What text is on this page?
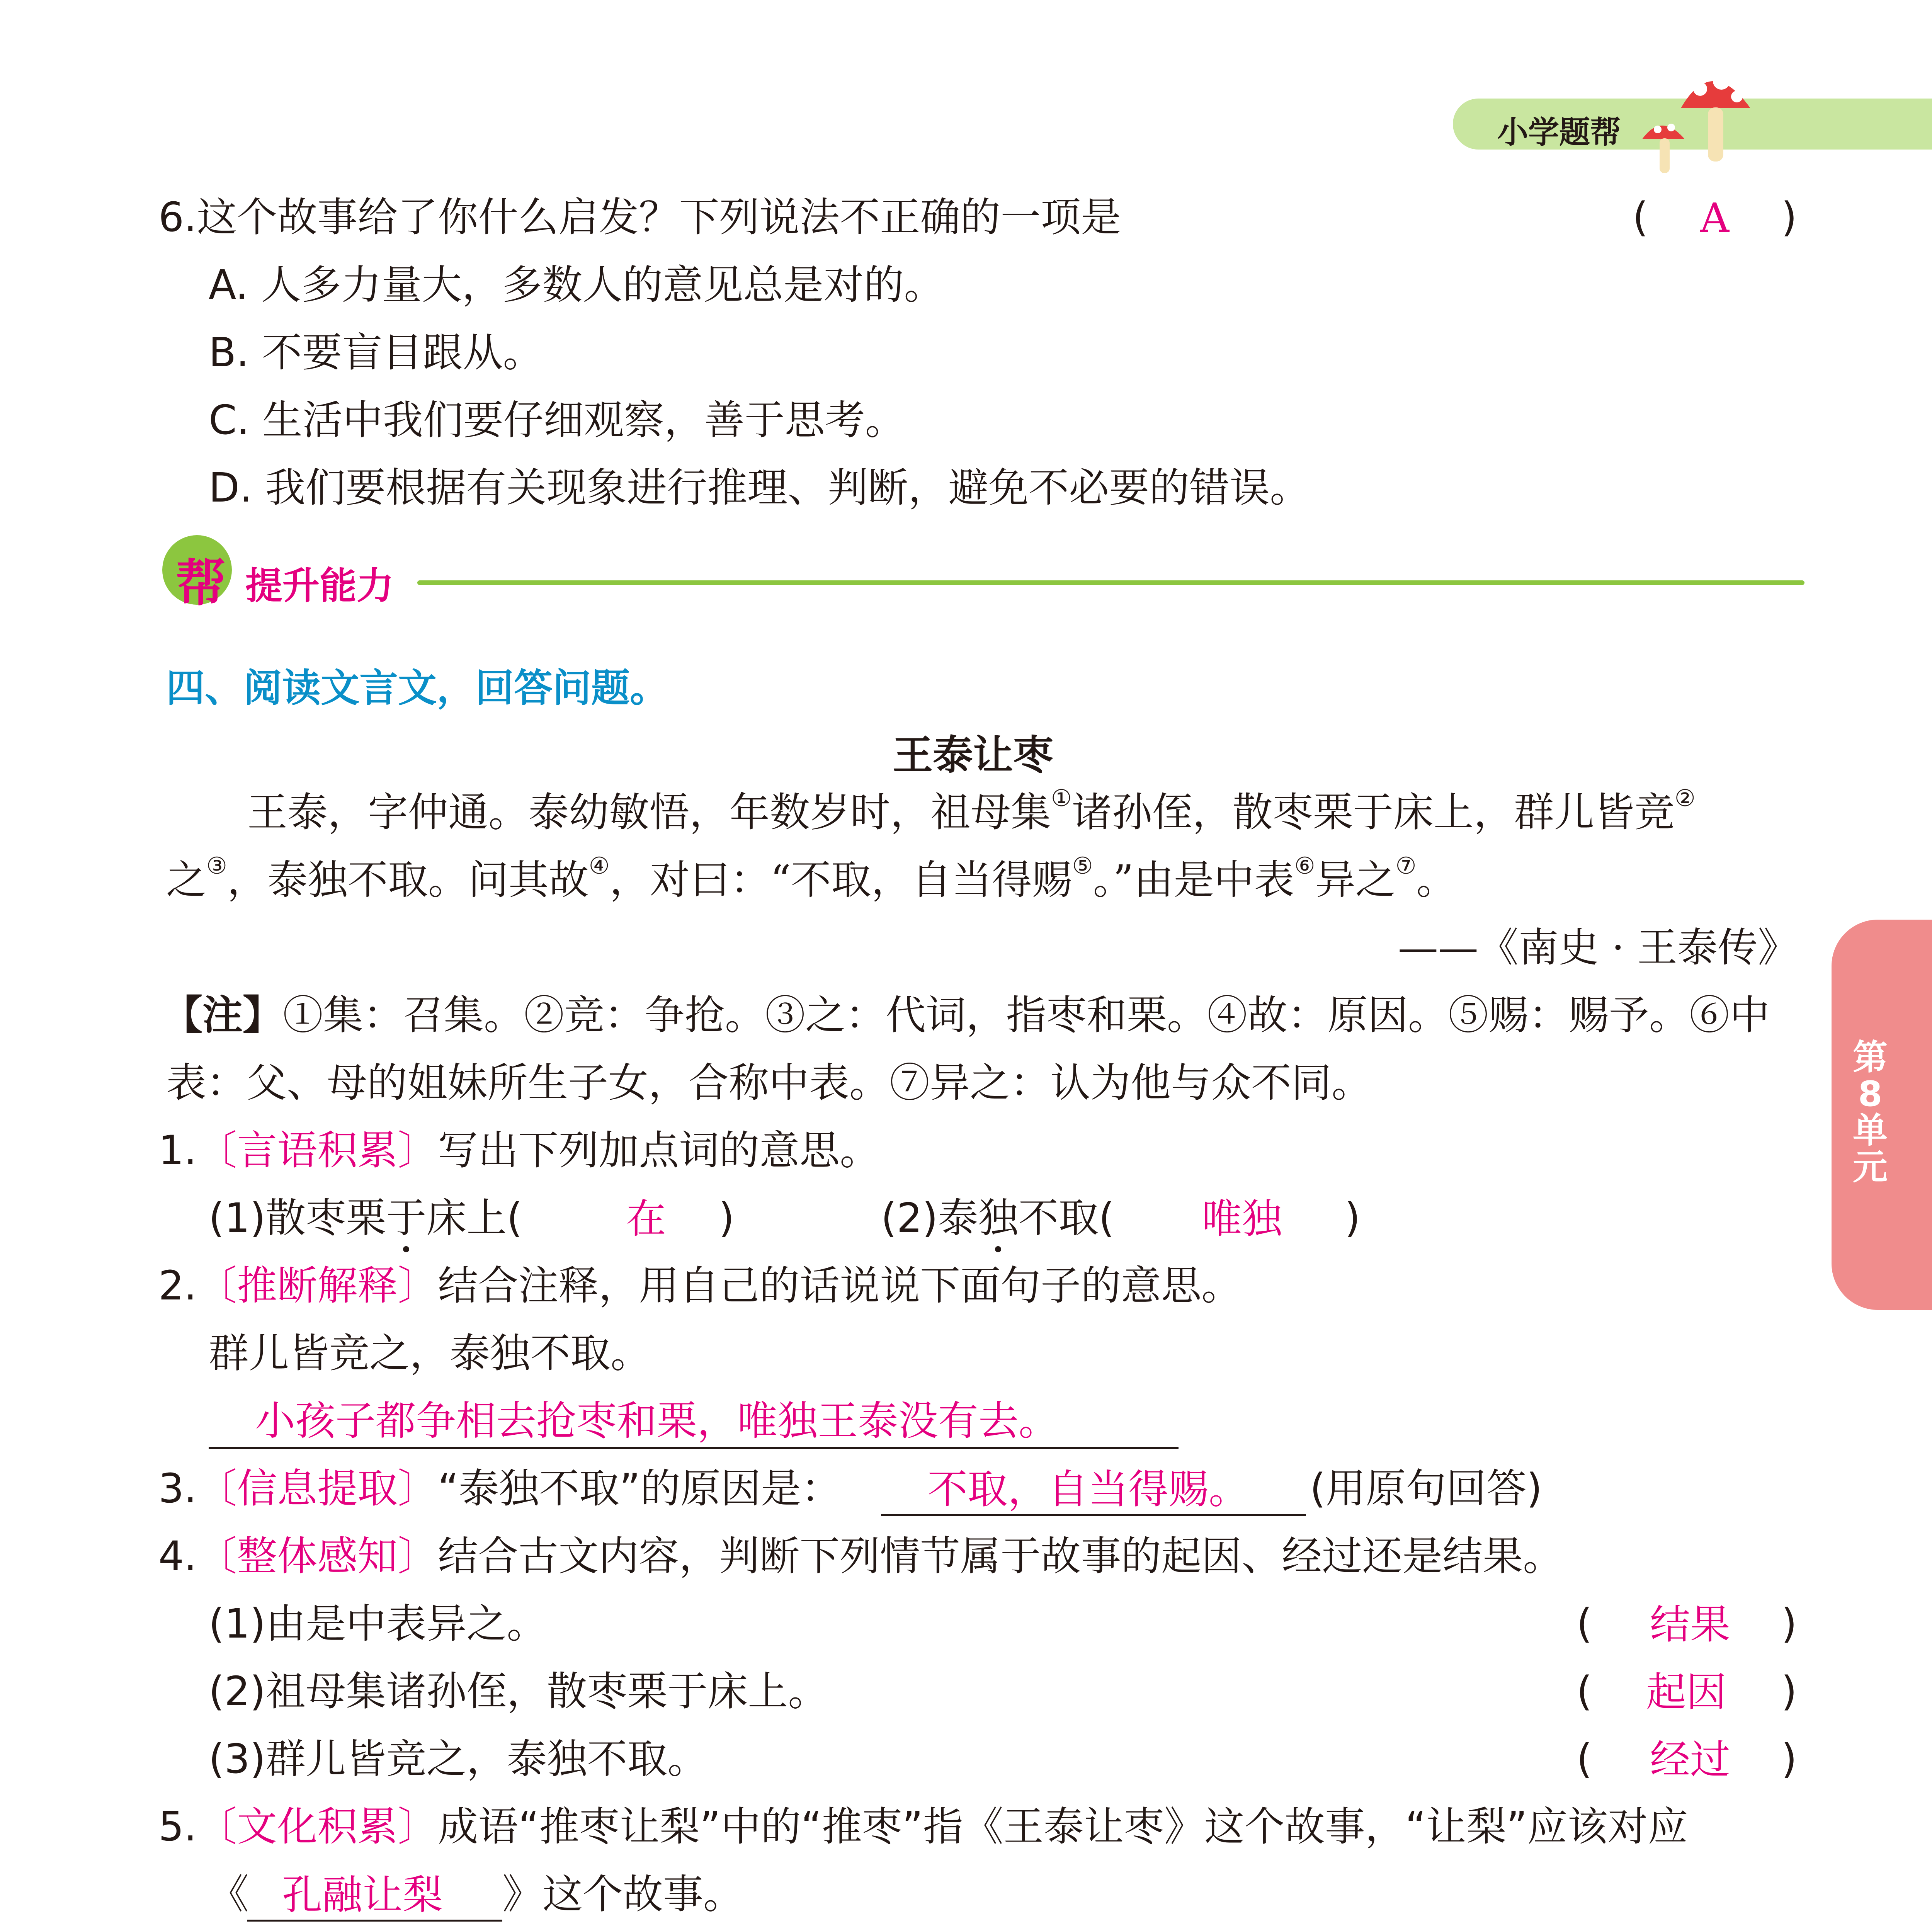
小学题帮
第8单元
6.这个故事给了你什么启发？下列说法不正确的一项是	( A )
A. 人多力量大，多数人的意见总是对的。
B. 不要盲目跟从。
C. 生活中我们要仔细观察，善于思考。
D. 我们要根据有关现象进行推理、判断，避免不必要的错误。
帮 提升能力
四、阅读文言文，回答问题。
王泰让枣
王泰，字仲通。泰幼敏悟，年数岁时，祖母集①诸孙侄，散枣栗于床上，群儿皆竞②
之③，泰独不取。问其故④，对曰：“不取，自当得赐⑤。”由是中表⑥异之⑦。
——《南史 · 王泰传》
【注】①集：召集。②竞：争抢。③之：代词，指枣和栗。④故：原因。⑤赐：赐予。⑥中
表：父、母的姐妹所生子女，合称中表。⑦异之：认为他与众不同。
1.〔言语积累〕写出下列加点词的意思。
(1)散枣栗于床上(	在 )	(2)泰独不取( 唯独 )
2.〔推断解释〕结合注释，用自己的话说说下面句子的意思。
群儿皆竞之，泰独不取。
小孩子都争相去抢枣和栗，唯独王泰没有去。
3.〔信息提取〕“泰独不取”的原因是： 不取，自当得赐。 (用原句回答)
4.〔整体感知〕结合古文内容，判断下列情节属于故事的起因、经过还是结果。
(1)由是中表异之。	( 结果 )
(2)祖母集诸孙侄，散枣栗于床上。	( 起因 )
(3)群儿皆竞之，泰独不取。	( 经过 )
5.〔文化积累〕成语“推枣让梨”中的“推枣”指《王泰让枣》这个故事，“让梨”应该对应
《 孔融让梨 》这个故事。
